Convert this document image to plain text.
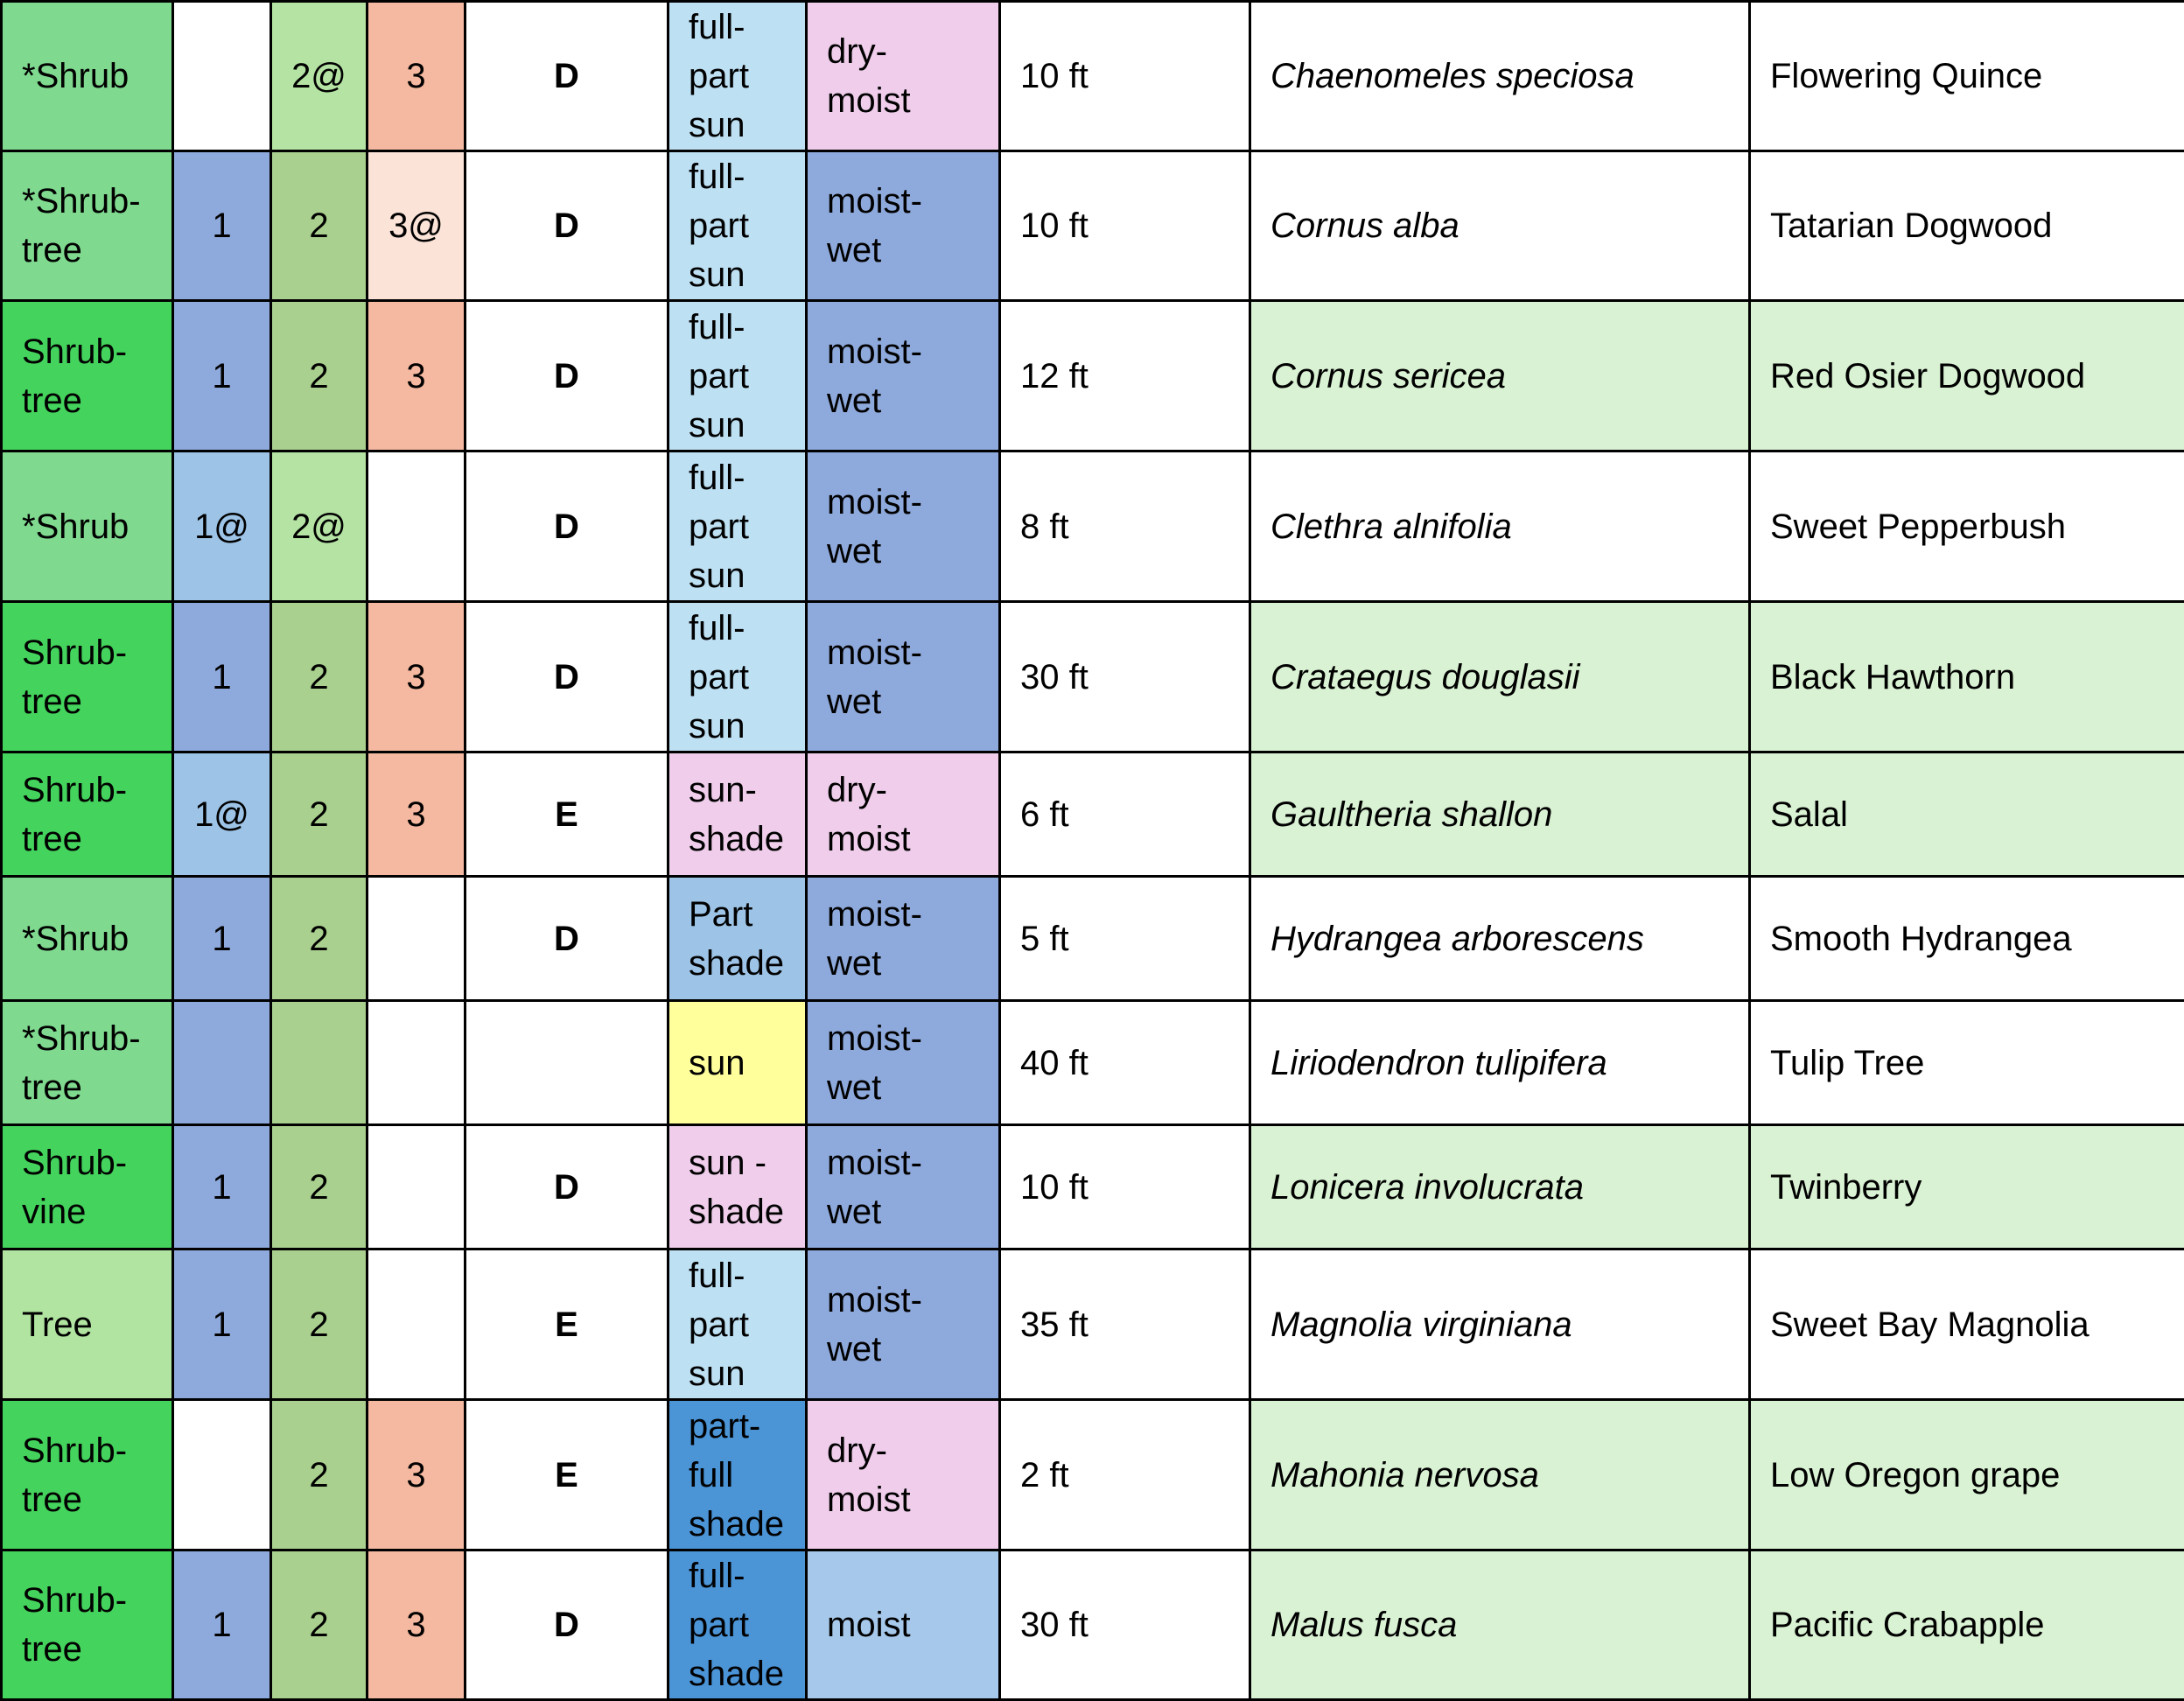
*Shrub		2@	3	D	full-
part
sun	dry-
moist	10 ft	Chaenomeles speciosa	Flowering Quince
*Shrub-
tree	1	2	3@	D	full-
part
sun	moist-
wet	10 ft	Cornus alba	Tatarian Dogwood
Shrub-
tree	1	2	3	D	full-
part
sun	moist-
wet	12 ft	Cornus sericea	Red Osier Dogwood
*Shrub	1@	2@		D	full-
part
sun	moist-
wet	8 ft	Clethra alnifolia	Sweet Pepperbush
Shrub-
tree	1	2	3	D	full-
part
sun	moist-
wet	30 ft	Crataegus douglasii	Black Hawthorn
Shrub-
tree	1@	2	3	E	sun-
shade	dry-
moist	6 ft	Gaultheria shallon	Salal
*Shrub	1	2		D	Part
shade	moist-
wet	5 ft	Hydrangea arborescens	Smooth Hydrangea
*Shrub-
tree					sun	moist-
wet	40 ft	Liriodendron tulipifera	Tulip Tree
Shrub-
vine	1	2		D	sun -
shade	moist-
wet	10 ft	Lonicera involucrata	Twinberry
Tree	1	2		E	full-
part
sun	moist-
wet	35 ft	Magnolia virginiana	Sweet Bay Magnolia
Shrub-
tree		2	3	E	part-
full
shade	dry-
moist	2 ft	Mahonia nervosa	Low Oregon grape
Shrub-
tree	1	2	3	D	full-
part
shade	moist	30 ft	Malus fusca	Pacific Crabapple
